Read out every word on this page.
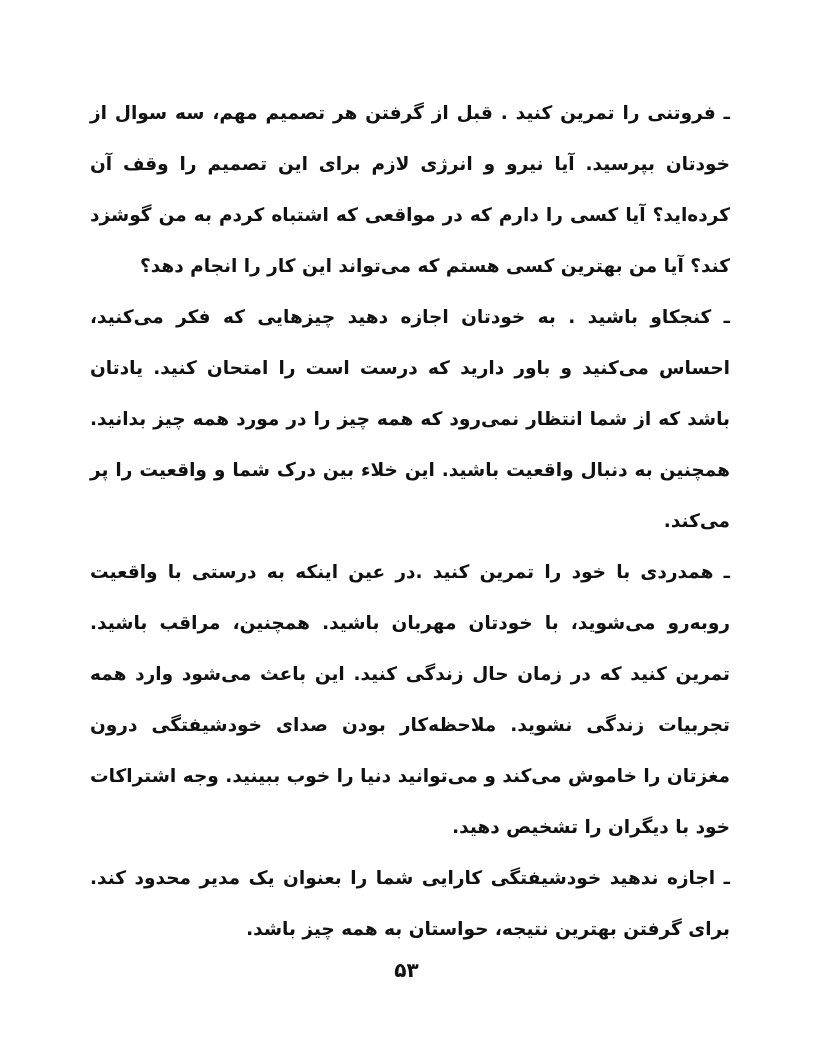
ـ فروتنی را تمرین کنید . قبل از گرفتن هر تصمیم مهم، سه سوال از خودتان بپرسید. آیا نیرو و انرژی لازم برای این تصمیم را وقف آن کرده‌اید؟ آیا کسی را دارم که در مواقعی که اشتباه کردم به من گوشزد کند؟ آیا من بهترین کسی هستم که می‌تواند این کار را انجام دهد؟

ـ کنجکاو باشید . به خودتان اجازه دهید چیزهایی که فکر می‌کنید، احساس می‌کنید و باور دارید که درست است را امتحان کنید. یادتان باشد که از شما انتظار نمی‌رود که همه چیز را در مورد همه چیز بدانید. همچنین به دنبال واقعیت باشید. این خلاء بین درک شما و واقعیت را پر می‌کند.

ـ همدردی با خود را تمرین کنید .در عین اینکه به درستی با واقعیت روبه‌رو می‌شوید، با خودتان مهربان باشید. همچنین، مراقب باشید. تمرین کنید که در زمان حال زندگی کنید. این باعث می‌شود وارد همه تجربیات زندگی نشوید. ملاحظه‌کار بودن صدای خودشیفتگی درون مغزتان را خاموش می‌کند و می‌توانید دنیا را خوب ببینید. وجه اشتراکات خود با دیگران را تشخیص دهید.

ـ اجازه ندهید خودشیفتگی کارایی شما را بعنوان یک مدیر محدود کند. برای گرفتن بهترین نتیجه، حواستان به همه چیز باشد.

۵۳
